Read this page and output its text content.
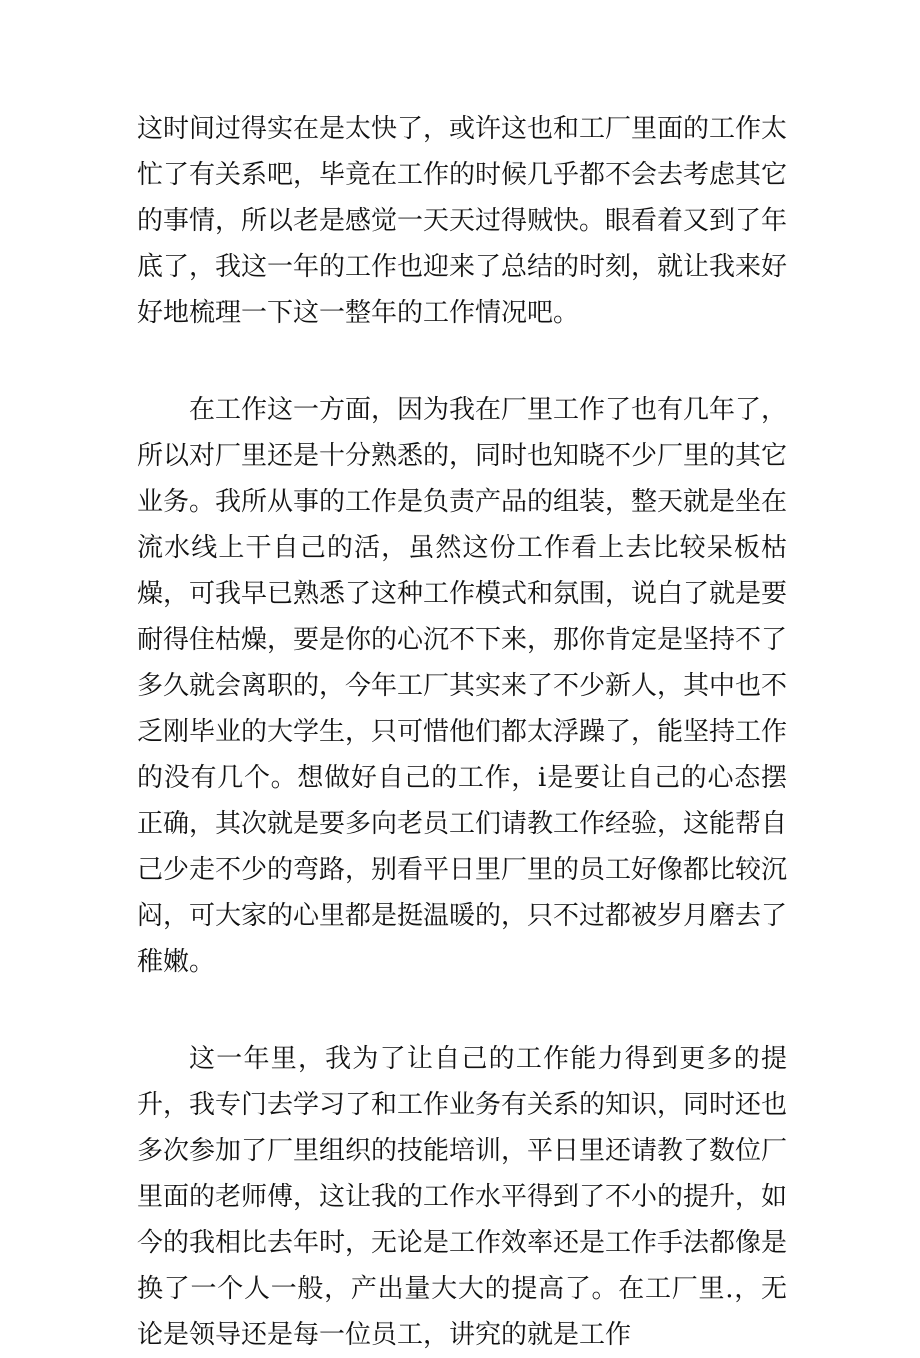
这时间过得实在是太快了，或许这也和工厂里面的工作太忙了有关系吧，毕竟在工作的时候几乎都不会去考虑其它的事情，所以老是感觉一天天过得贼快。眼看着又到了年底了，我这一年的工作也迎来了总结的时刻，就让我来好好地梳理一下这一整年的工作情况吧。

在工作这一方面，因为我在厂里工作了也有几年了，所以对厂里还是十分熟悉的，同时也知晓不少厂里的其它业务。我所从事的工作是负责产品的组装，整天就是坐在流水线上干自己的活，虽然这份工作看上去比较呆板枯燥，可我早已熟悉了这种工作模式和氛围，说白了就是要耐得住枯燥，要是你的心沉不下来，那你肯定是坚持不了多久就会离职的，今年工厂其实来了不少新人，其中也不乏刚毕业的大学生，只可惜他们都太浮躁了，能坚持工作的没有几个。想做好自己的工作，i是要让自己的心态摆正确，其次就是要多向老员工们请教工作经验，这能帮自己少走不少的弯路，别看平日里厂里的员工好像都比较沉闷，可大家的心里都是挺温暖的，只不过都被岁月磨去了稚嫩。

这一年里，我为了让自己的工作能力得到更多的提升，我专门去学习了和工作业务有关系的知识，同时还也多次参加了厂里组织的技能培训，平日里还请教了数位厂里面的老师傅，这让我的工作水平得到了不小的提升，如今的我相比去年时，无论是工作效率还是工作手法都像是换了一个人一般，产出量大大的提高了。在工厂里.，无论是领导还是每一位员工，讲究的就是工作
